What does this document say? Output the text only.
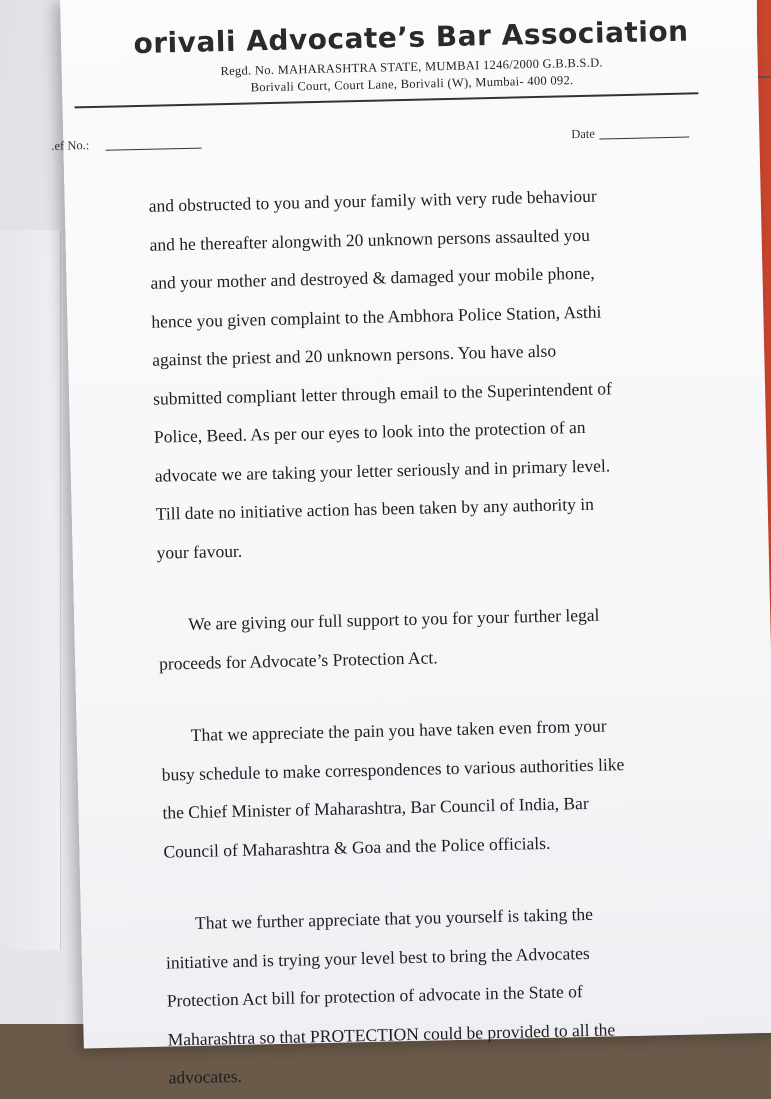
orivali Advocate’s Bar Association
Regd. No. MAHARASHTRA STATE, MUMBAI 1246/2000 G.B.B.S.D.
Borivali Court, Court Lane, Borivali (W), Mumbai- 400 092.
.ef No.:
Date

and obstructed to you and your family with very rude behaviour
and he thereafter alongwith 20 unknown persons assaulted you
and your mother and destroyed & damaged your mobile phone,
hence you given complaint to the Ambhora Police Station, Asthi
against the priest and 20 unknown persons. You have also
submitted compliant letter through email to the Superintendent of
Police, Beed. As per our eyes to look into the protection of an
advocate we are taking your letter seriously and in primary level.
Till date no initiative action has been taken by any authority in
your favour.

We are giving our full support to you for your further legal
proceeds for Advocate’s Protection Act.

That we appreciate the pain you have taken even from your
busy schedule to make correspondences to various authorities like
the Chief Minister of Maharashtra, Bar Council of India, Bar
Council of Maharashtra & Goa and the Police officials.

That we further appreciate that you yourself is taking the
initiative and is trying your level best to bring the Advocates
Protection Act bill for protection of advocate in the State of
Maharashtra so that PROTECTION could be provided to all the
advocates.
